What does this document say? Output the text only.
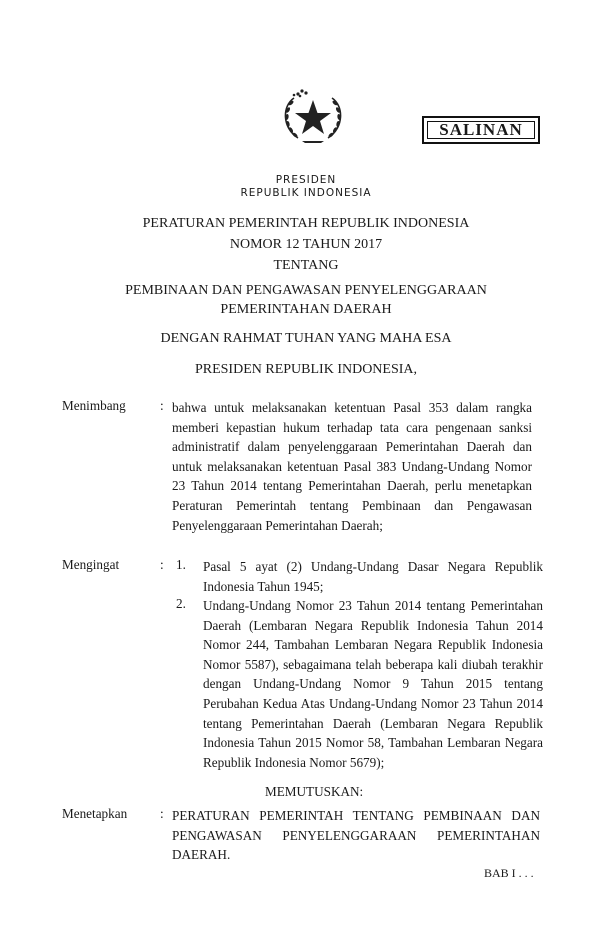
SALINAN
PRESIDEN
REPUBLIK INDONESIA
PERATURAN PEMERINTAH REPUBLIK INDONESIA
NOMOR 12 TAHUN 2017
TENTANG
PEMBINAAN DAN PENGAWASAN PENYELENGGARAAN
PEMERINTAHAN DAERAH
DENGAN RAHMAT TUHAN YANG MAHA ESA
PRESIDEN REPUBLIK INDONESIA,
Menimbang	: bahwa untuk melaksanakan ketentuan Pasal 353 dalam rangka memberi kepastian hukum terhadap tata cara pengenaan sanksi administratif dalam penyelenggaraan Pemerintahan Daerah dan untuk melaksanakan ketentuan Pasal 383 Undang-Undang Nomor 23 Tahun 2014 tentang Pemerintahan Daerah, perlu menetapkan Peraturan Pemerintah tentang Pembinaan dan Pengawasan Penyelenggaraan Pemerintahan Daerah;
Mengingat	: 1. Pasal 5 ayat (2) Undang-Undang Dasar Negara Republik Indonesia Tahun 1945;
2. Undang-Undang Nomor 23 Tahun 2014 tentang Pemerintahan Daerah (Lembaran Negara Republik Indonesia Tahun 2014 Nomor 244, Tambahan Lembaran Negara Republik Indonesia Nomor 5587), sebagaimana telah beberapa kali diubah terakhir dengan Undang-Undang Nomor 9 Tahun 2015 tentang Perubahan Kedua Atas Undang-Undang Nomor 23 Tahun 2014 tentang Pemerintahan Daerah (Lembaran Negara Republik Indonesia Tahun 2015 Nomor 58, Tambahan Lembaran Negara Republik Indonesia Nomor 5679);
MEMUTUSKAN:
Menetapkan : PERATURAN PEMERINTAH TENTANG PEMBINAAN DAN PENGAWASAN PENYELENGGARAAN PEMERINTAHAN DAERAH.
BAB I . . .
